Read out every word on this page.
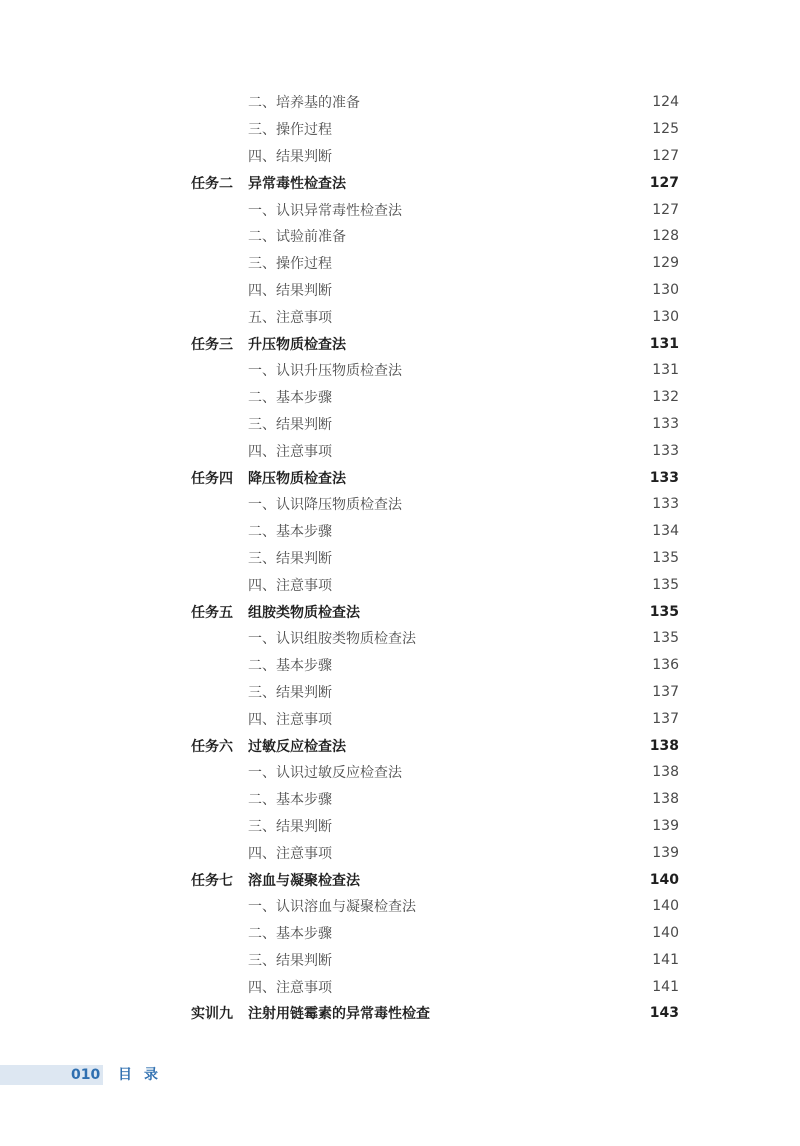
二、培养基的准备	124
三、操作过程	125
四、结果判断	127
任务二 异常毒性检查法	127
一、认识异常毒性检查法	127
二、试验前准备	128
三、操作过程	129
四、结果判断	130
五、注意事项	130
任务三 升压物质检查法	131
一、认识升压物质检查法	131
二、基本步骤	132
三、结果判断	133
四、注意事项	133
任务四 降压物质检查法	133
一、认识降压物质检查法	133
二、基本步骤	134
三、结果判断	135
四、注意事项	135
任务五 组胺类物质检查法	135
一、认识组胺类物质检查法	135
二、基本步骤	136
三、结果判断	137
四、注意事项	137
任务六 过敏反应检查法	138
一、认识过敏反应检查法	138
二、基本步骤	138
三、结果判断	139
四、注意事项	139
任务七 溶血与凝聚检查法	140
一、认识溶血与凝聚检查法	140
二、基本步骤	140
三、结果判断	141
四、注意事项	141
实训九 注射用链霉素的异常毒性检查	143
010 目录
